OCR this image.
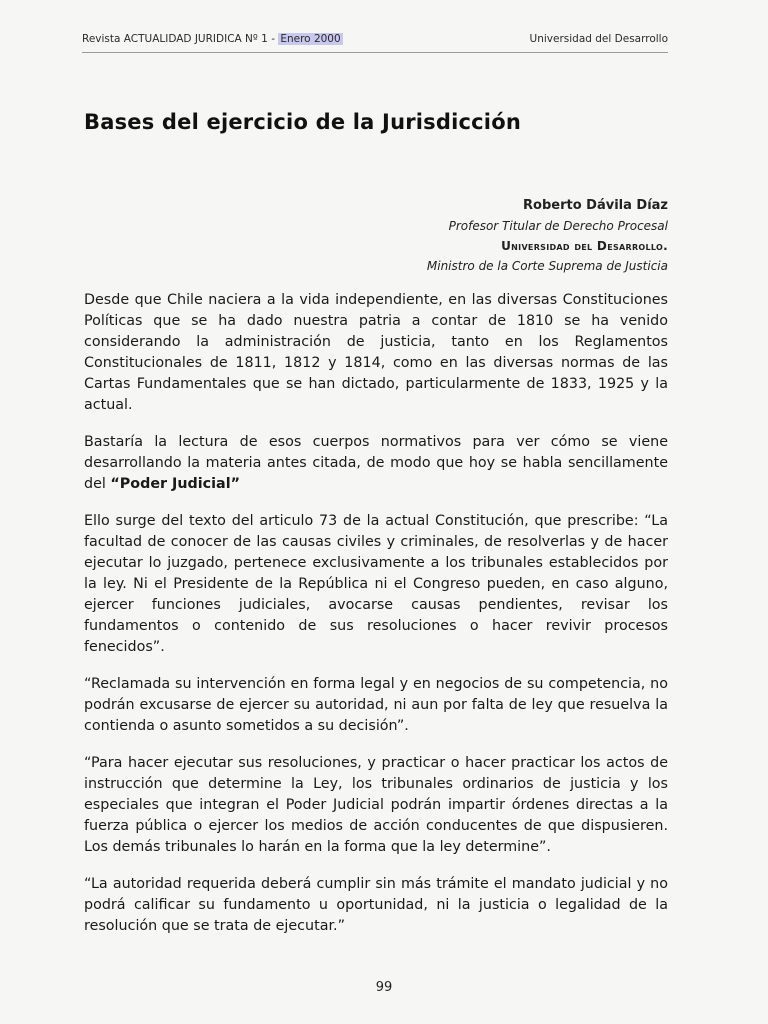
Revista ACTUALIDAD JURIDICA Nº 1 - Enero 2000	Universidad del Desarrollo
Bases del ejercicio de la Jurisdicción
Roberto Dávila Díaz
Profesor Titular de Derecho Procesal
Universidad del Desarrollo.
Ministro de la Corte Suprema de Justicia

Desde que Chile naciera a la vida independiente, en las diversas Constituciones Políticas que se ha dado nuestra patria a contar de 1810 se ha venido considerando la administración de justicia, tanto en los Reglamentos Constitucionales de 1811, 1812 y 1814, como en las diversas normas de las Cartas Fundamentales que se han dictado, particularmente de 1833, 1925 y la actual.

Bastaría la lectura de esos cuerpos normativos para ver cómo se viene desarrollando la materia antes citada, de modo que hoy se habla sencillamente del “Poder Judicial”

Ello surge del texto del articulo 73 de la actual Constitución, que prescribe: “La facultad de conocer de las causas civiles y criminales, de resolverlas y de hacer ejecutar lo juzgado, pertenece exclusivamente a los tribunales establecidos por la ley. Ni el Presidente de la República ni el Congreso pueden, en caso alguno, ejercer funciones judiciales, avocarse causas pendientes, revisar los fundamentos o contenido de sus resoluciones o hacer revivir procesos fenecidos”.

“Reclamada su intervención en forma legal y en negocios de su competencia, no podrán excusarse de ejercer su autoridad, ni aun por falta de ley que resuelva la contienda o asunto sometidos a su decisión”.

“Para hacer ejecutar sus resoluciones, y practicar o hacer practicar los actos de instrucción que determine la Ley, los tribunales ordinarios de justicia y los especiales que integran el Poder Judicial podrán impartir órdenes directas a la fuerza pública o ejercer los medios de acción conducentes de que dispusieren. Los demás tribunales lo harán en la forma que la ley determine”.

“La autoridad requerida deberá cumplir sin más trámite el mandato judicial y no podrá calificar su fundamento u oportunidad, ni la justicia o legalidad de la resolución que se trata de ejecutar.”

99
